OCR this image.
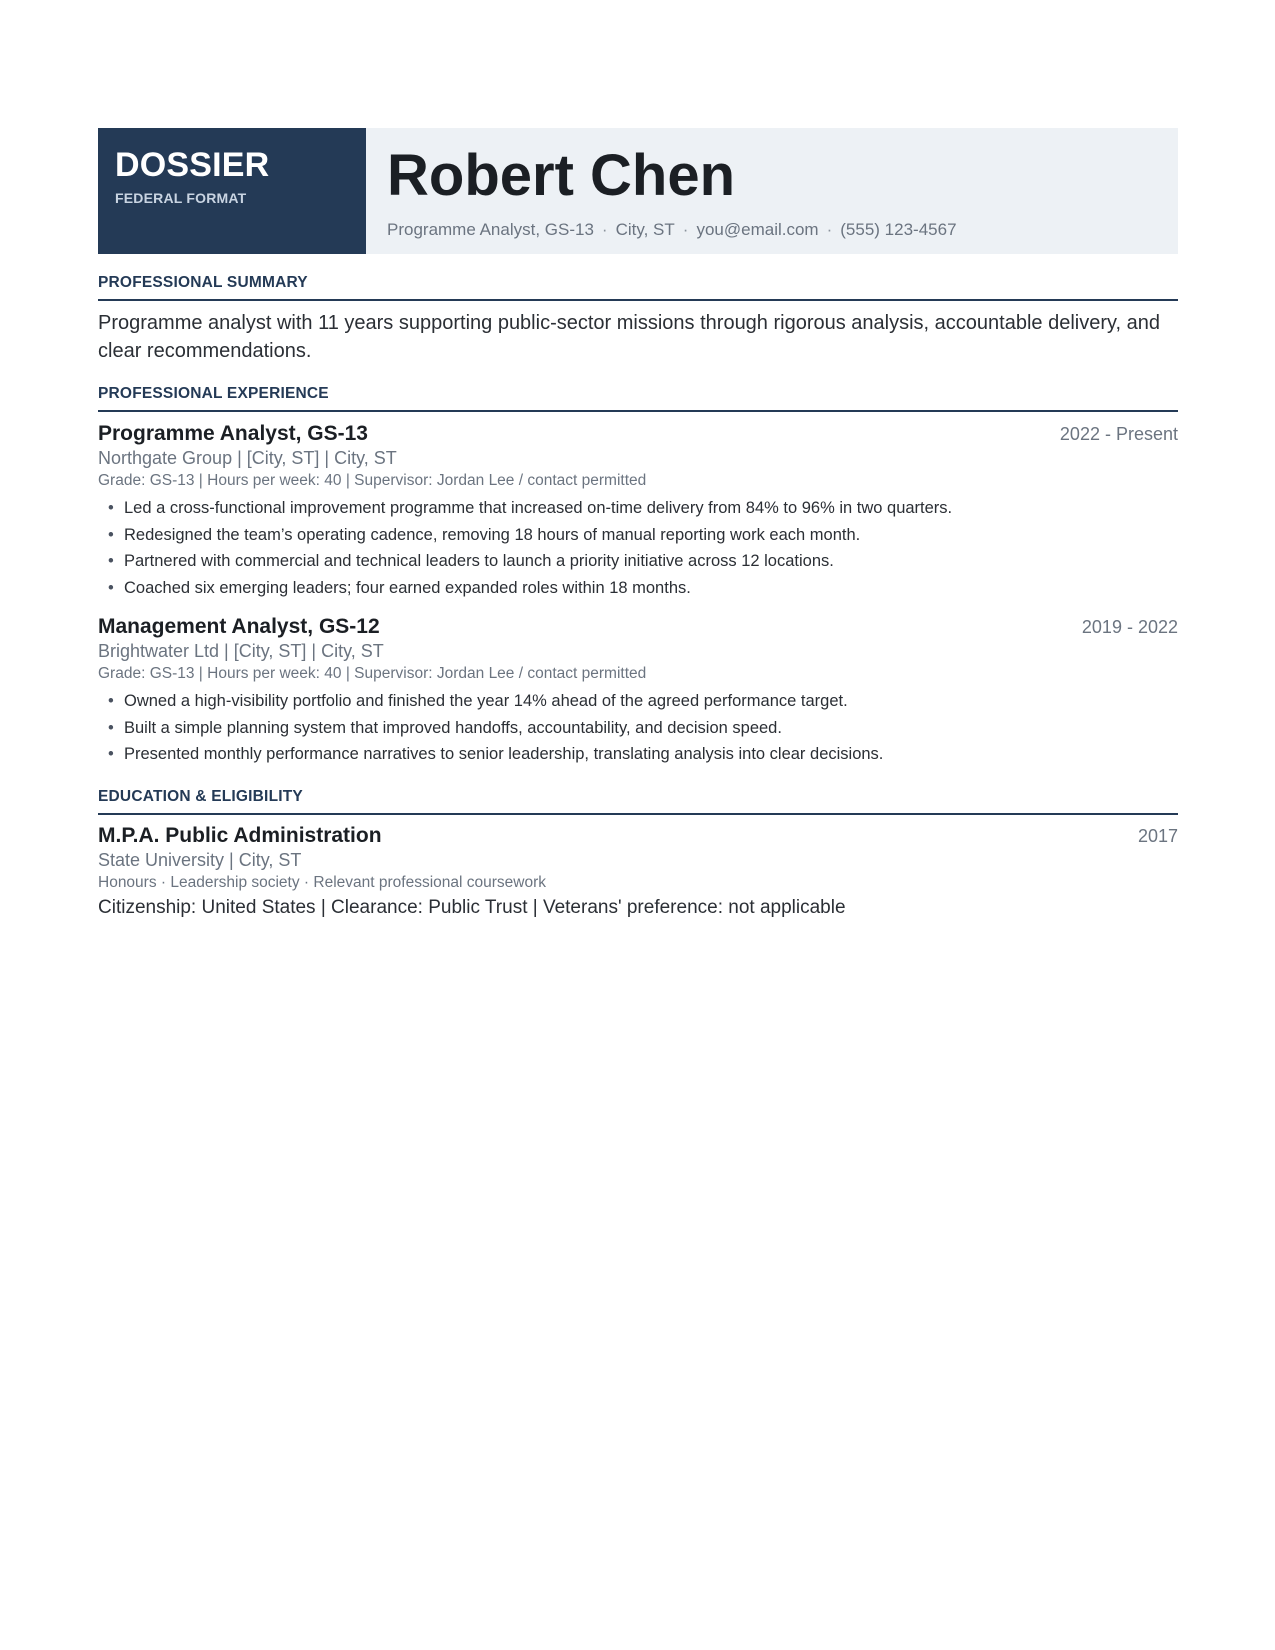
DOSSIER
FEDERAL FORMAT	Robert Chen
Programme Analyst, GS-13 · City, ST · you@email.com · (555) 123-4567
PROFESSIONAL SUMMARY
Programme analyst with 11 years supporting public-sector missions through rigorous analysis, accountable delivery, and clear recommendations.
PROFESSIONAL EXPERIENCE
Programme Analyst, GS-13	2022 - Present
Northgate Group | [City, ST] | City, ST
Grade: GS-13 | Hours per week: 40 | Supervisor: Jordan Lee / contact permitted
• Led a cross-functional improvement programme that increased on-time delivery from 84% to 96% in two quarters.
• Redesigned the team’s operating cadence, removing 18 hours of manual reporting work each month.
• Partnered with commercial and technical leaders to launch a priority initiative across 12 locations.
• Coached six emerging leaders; four earned expanded roles within 18 months.
Management Analyst, GS-12	2019 - 2022
Brightwater Ltd | [City, ST] | City, ST
Grade: GS-13 | Hours per week: 40 | Supervisor: Jordan Lee / contact permitted
• Owned a high-visibility portfolio and finished the year 14% ahead of the agreed performance target.
• Built a simple planning system that improved handoffs, accountability, and decision speed.
• Presented monthly performance narratives to senior leadership, translating analysis into clear decisions.
EDUCATION & ELIGIBILITY
M.P.A. Public Administration	2017
State University | City, ST
Honours · Leadership society · Relevant professional coursework
Citizenship: United States | Clearance: Public Trust | Veterans' preference: not applicable
